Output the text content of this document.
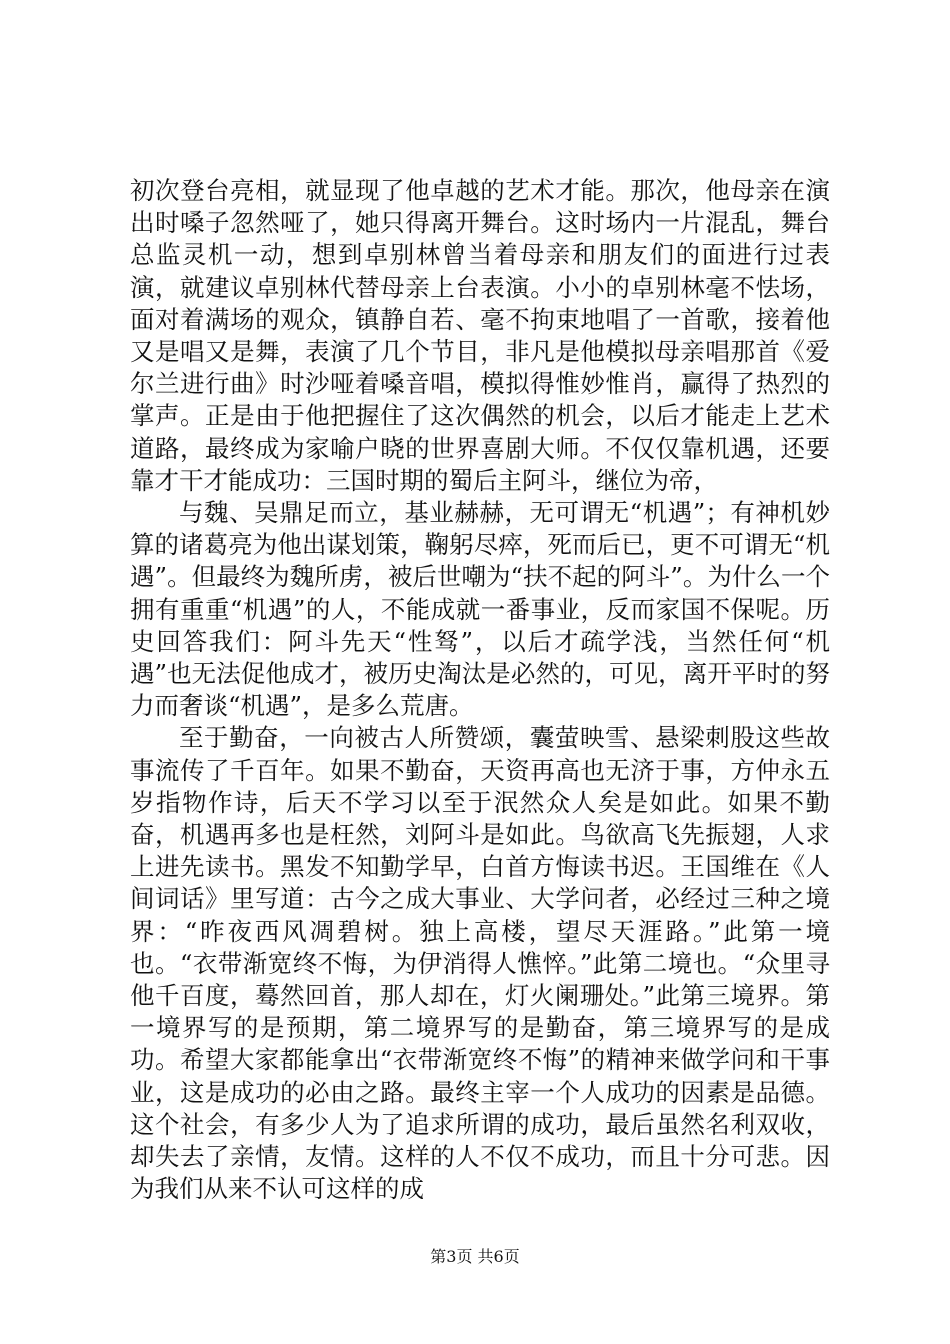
初次登台亮相，就显现了他卓越的艺术才能。那次，他母亲在演出时嗓子忽然哑了，她只得离开舞台。这时场内一片混乱，舞台总监灵机一动，想到卓别林曾当着母亲和朋友们的面进行过表演，就建议卓别林代替母亲上台表演。小小的卓别林毫不怯场，面对着满场的观众，镇静自若、毫不拘束地唱了一首歌，接着他又是唱又是舞，表演了几个节目，非凡是他模拟母亲唱那首《爱尔兰进行曲》时沙哑着嗓音唱，模拟得惟妙惟肖，赢得了热烈的掌声。正是由于他把握住了这次偶然的机会，以后才能走上艺术道路，最终成为家喻户晓的世界喜剧大师。不仅仅靠机遇，还要靠才干才能成功：三国时期的蜀后主阿斗，继位为帝，

与魏、吴鼎足而立，基业赫赫，无可谓无“机遇”；有神机妙算的诸葛亮为他出谋划策，鞠躬尽瘁，死而后已，更不可谓无“机遇”。但最终为魏所虏，被后世嘲为“扶不起的阿斗”。为什么一个拥有重重“机遇”的人，不能成就一番事业，反而家国不保呢。历史回答我们：阿斗先天“性驽”，以后才疏学浅，当然任何“机遇”也无法促他成才，被历史淘汰是必然的，可见，离开平时的努力而奢谈“机遇”，是多么荒唐。

至于勤奋，一向被古人所赞颂，囊萤映雪、悬梁刺股这些故事流传了千百年。如果不勤奋，天资再高也无济于事，方仲永五岁指物作诗，后天不学习以至于泯然众人矣是如此。如果不勤奋，机遇再多也是枉然，刘阿斗是如此。鸟欲高飞先振翅，人求上进先读书。黑发不知勤学早，白首方悔读书迟。王国维在《人间词话》里写道：古今之成大事业、大学问者，必经过三种之境界：“昨夜西风凋碧树。独上高楼，望尽天涯路。”此第一境也。“衣带渐宽终不悔，为伊消得人憔悴。”此第二境也。“众里寻他千百度，蓦然回首，那人却在，灯火阑珊处。”此第三境界。第一境界写的是预期，第二境界写的是勤奋，第三境界写的是成功。希望大家都能拿出“衣带渐宽终不悔”的精神来做学问和干事业，这是成功的必由之路。最终主宰一个人成功的因素是品德。这个社会，有多少人为了追求所谓的成功，最后虽然名利双收，却失去了亲情，友情。这样的人不仅不成功，而且十分可悲。因为我们从来不认可这样的成

第3页 共6页
